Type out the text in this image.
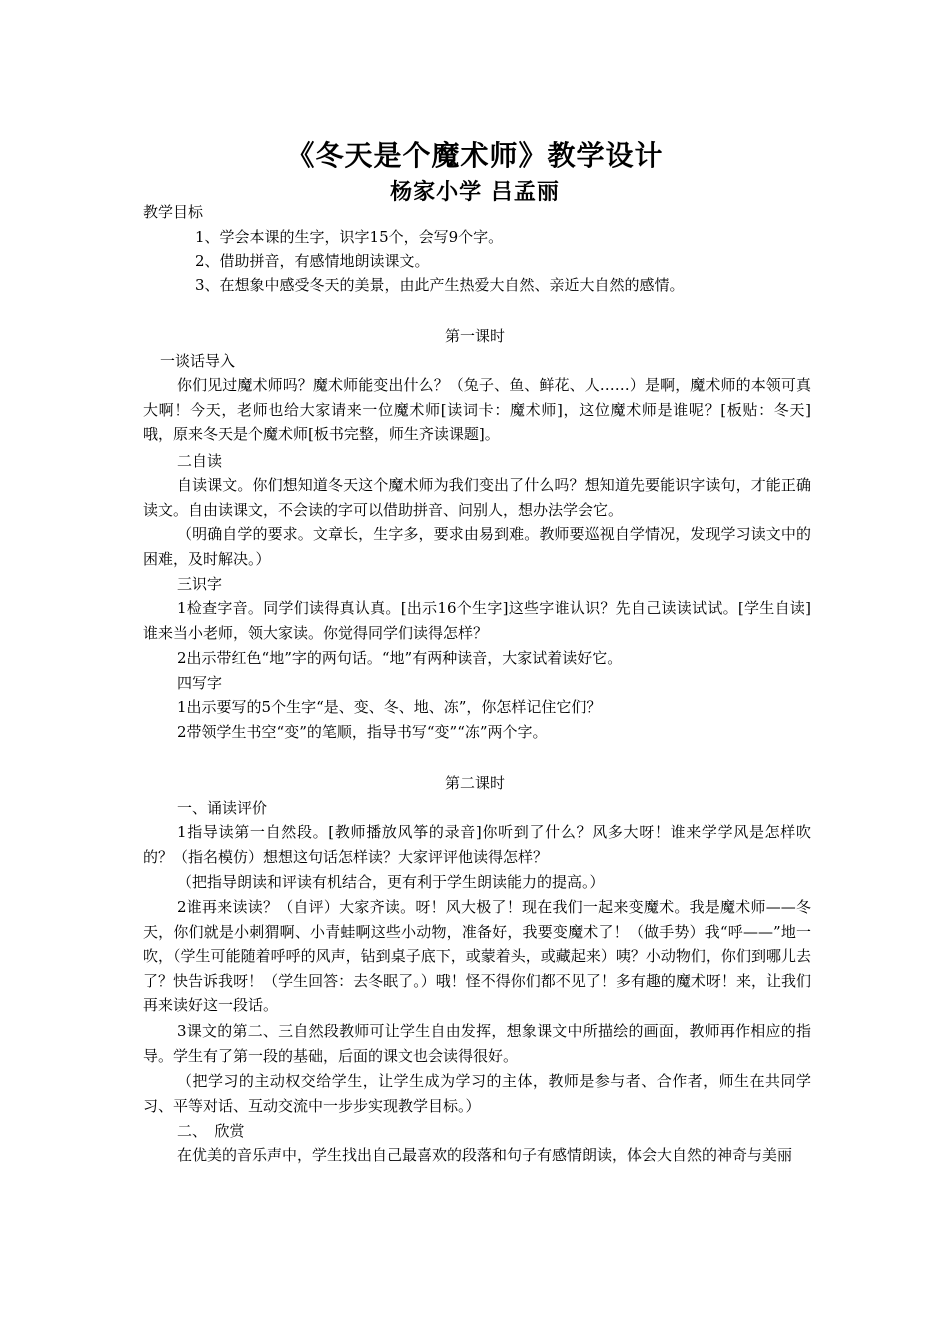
《冬天是个魔术师》教学设计
杨家小学 吕孟丽
教学目标
1、学会本课的生字，识字15个，会写9个字。
2、借助拼音，有感情地朗读课文。
3、在想象中感受冬天的美景，由此产生热爱大自然、亲近大自然的感情。
第一课时
一谈话导入
你们见过魔术师吗？魔术师能变出什么？（兔子、鱼、鲜花、人……）是啊，魔术师的本领可真大啊！今天，老师也给大家请来一位魔术师[读词卡：魔术师]，这位魔术师是谁呢？[板贴：冬天]哦，原来冬天是个魔术师[板书完整，师生齐读课题]。
二自读
自读课文。你们想知道冬天这个魔术师为我们变出了什么吗？想知道先要能识字读句，才能正确读文。自由读课文，不会读的字可以借助拼音、问别人，想办法学会它。
（明确自学的要求。文章长，生字多，要求由易到难。教师要巡视自学情况，发现学习读文中的困难，及时解决。）
三识字
1检查字音。同学们读得真认真。[出示16个生字]这些字谁认识？先自己读读试试。[学生自读]谁来当小老师，领大家读。你觉得同学们读得怎样？
2出示带红色“地”字的两句话。“地”有两种读音，大家试着读好它。
四写字
1出示要写的5个生字“是、变、冬、地、冻”，你怎样记住它们？
2带领学生书空“变”的笔顺，指导书写“变”“冻”两个字。
第二课时
一、诵读评价
1指导读第一自然段。[教师播放风筝的录音]你听到了什么？风多大呀！谁来学学风是怎样吹的？（指名模仿）想想这句话怎样读？大家评评他读得怎样？
（把指导朗读和评读有机结合，更有利于学生朗读能力的提高。）
2谁再来读读？（自评）大家齐读。呀！风大极了！现在我们一起来变魔术。我是魔术师——冬天，你们就是小刺猬啊、小青蛙啊这些小动物，准备好，我要变魔术了！（做手势）我“呼——”地一吹，（学生可能随着呼呼的风声，钻到桌子底下，或蒙着头，或藏起来）咦？小动物们，你们到哪儿去了？快告诉我呀！（学生回答：去冬眠了。）哦！怪不得你们都不见了！多有趣的魔术呀！来，让我们再来读好这一段话。
3课文的第二、三自然段教师可让学生自由发挥，想象课文中所描绘的画面，教师再作相应的指导。学生有了第一段的基础，后面的课文也会读得很好。
（把学习的主动权交给学生，让学生成为学习的主体，教师是参与者、合作者，师生在共同学习、平等对话、互动交流中一步步实现教学目标。）
二、　欣赏
在优美的音乐声中，学生找出自己最喜欢的段落和句子有感情朗读，体会大自然的神奇与美丽
